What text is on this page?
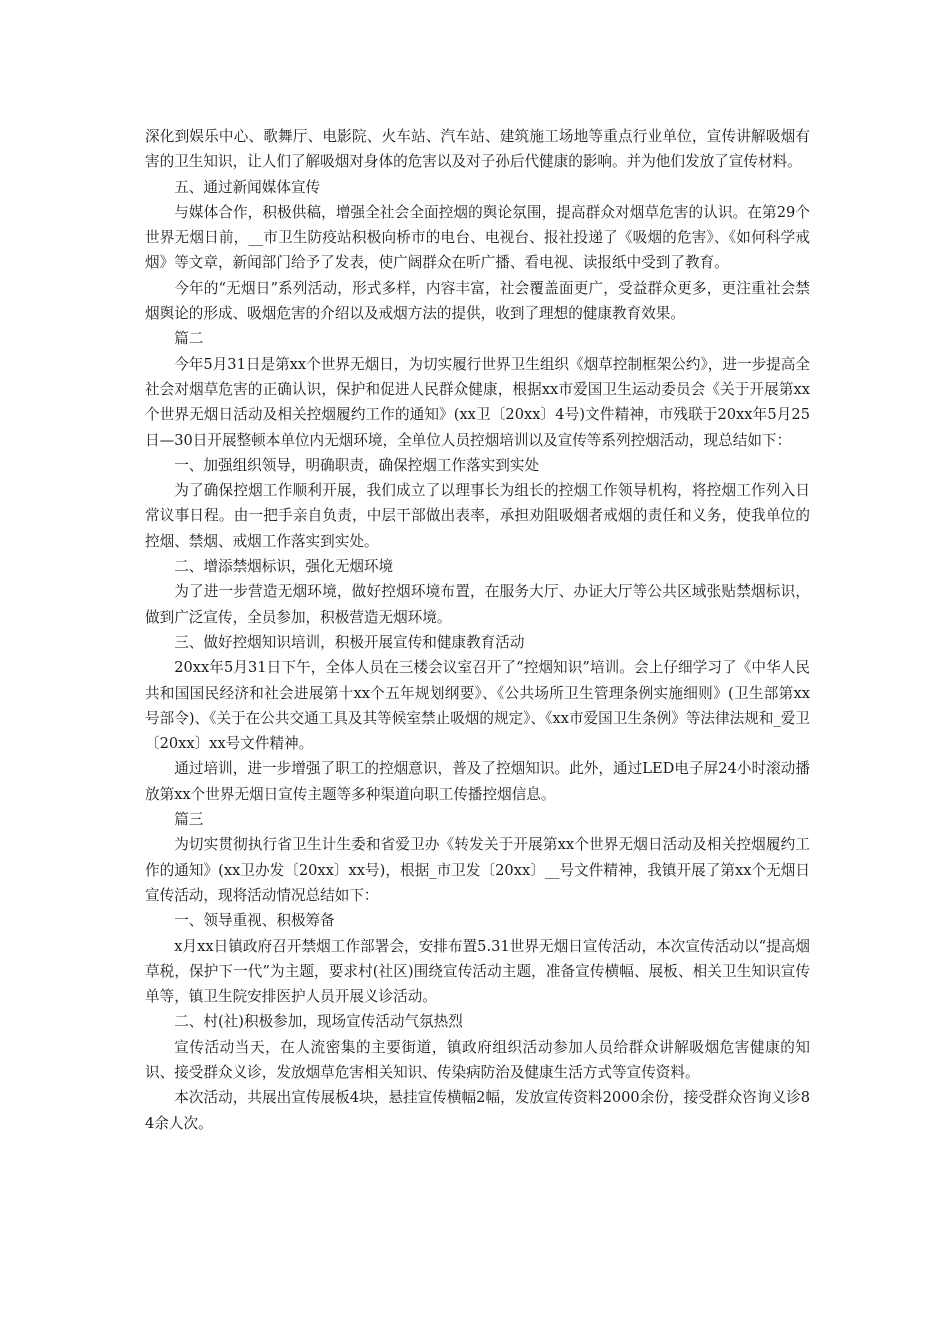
深化到娱乐中心、歌舞厅、电影院、火车站、汽车站、建筑施工场地等重点行业单位，宣传讲解吸烟有害的卫生知识，让人们了解吸烟对身体的危害以及对子孙后代健康的影响。并为他们发放了宣传材料。

五、通过新闻媒体宣传

与媒体合作，积极供稿，增强全社会全面控烟的舆论氛围，提高群众对烟草危害的认识。在第29个世界无烟日前，__市卫生防疫站积极向桥市的电台、电视台、报社投递了《吸烟的危害》、《如何科学戒烟》等文章，新闻部门给予了发表，使广阔群众在听广播、看电视、读报纸中受到了教育。

今年的“无烟日”系列活动，形式多样，内容丰富，社会覆盖面更广，受益群众更多，更注重社会禁烟舆论的形成、吸烟危害的介绍以及戒烟方法的提供，收到了理想的健康教育效果。

篇二

今年5月31日是第xx个世界无烟日，为切实履行世界卫生组织《烟草控制框架公约》，进一步提高全社会对烟草危害的正确认识，保护和促进人民群众健康，根据xx市爱国卫生运动委员会《关于开展第xx个世界无烟日活动及相关控烟履约工作的通知》(xx卫〔20xx〕4号)文件精神，市残联于20xx年5月25日—30日开展整顿本单位内无烟环境，全单位人员控烟培训以及宣传等系列控烟活动，现总结如下：

一、加强组织领导，明确职责，确保控烟工作落实到实处

为了确保控烟工作顺利开展，我们成立了以理事长为组长的控烟工作领导机构，将控烟工作列入日常议事日程。由一把手亲自负责，中层干部做出表率，承担劝阻吸烟者戒烟的责任和义务，使我单位的控烟、禁烟、戒烟工作落实到实处。

二、增添禁烟标识，强化无烟环境

为了进一步营造无烟环境，做好控烟环境布置，在服务大厅、办证大厅等公共区域张贴禁烟标识，做到广泛宣传，全员参加，积极营造无烟环境。

三、做好控烟知识培训，积极开展宣传和健康教育活动

20xx年5月31日下午，全体人员在三楼会议室召开了“控烟知识”培训。会上仔细学习了《中华人民共和国国民经济和社会进展第十xx个五年规划纲要》、《公共场所卫生管理条例实施细则》(卫生部第xx号部令)、《关于在公共交通工具及其等候室禁止吸烟的规定》、《xx市爱国卫生条例》等法律法规和_爱卫〔20xx〕xx号文件精神。

通过培训，进一步增强了职工的控烟意识，普及了控烟知识。此外，通过LED电子屏24小时滚动播放第xx个世界无烟日宣传主题等多种渠道向职工传播控烟信息。

篇三

为切实贯彻执行省卫生计生委和省爱卫办《转发关于开展第xx个世界无烟日活动及相关控烟履约工作的通知》(xx卫办发〔20xx〕xx号)，根据_市卫发〔20xx〕__号文件精神，我镇开展了第xx个无烟日宣传活动，现将活动情况总结如下：

一、领导重视、积极筹备

x月xx日镇政府召开禁烟工作部署会，安排布置5.31世界无烟日宣传活动，本次宣传活动以“提高烟草税，保护下一代”为主题，要求村(社区)围绕宣传活动主题，准备宣传横幅、展板、相关卫生知识宣传单等，镇卫生院安排医护人员开展义诊活动。

二、村(社)积极参加，现场宣传活动气氛热烈

宣传活动当天，在人流密集的主要街道，镇政府组织活动参加人员给群众讲解吸烟危害健康的知识、接受群众义诊，发放烟草危害相关知识、传染病防治及健康生活方式等宣传资料。

本次活动，共展出宣传展板4块，悬挂宣传横幅2幅，发放宣传资料2000余份，接受群众咨询义诊84余人次。
